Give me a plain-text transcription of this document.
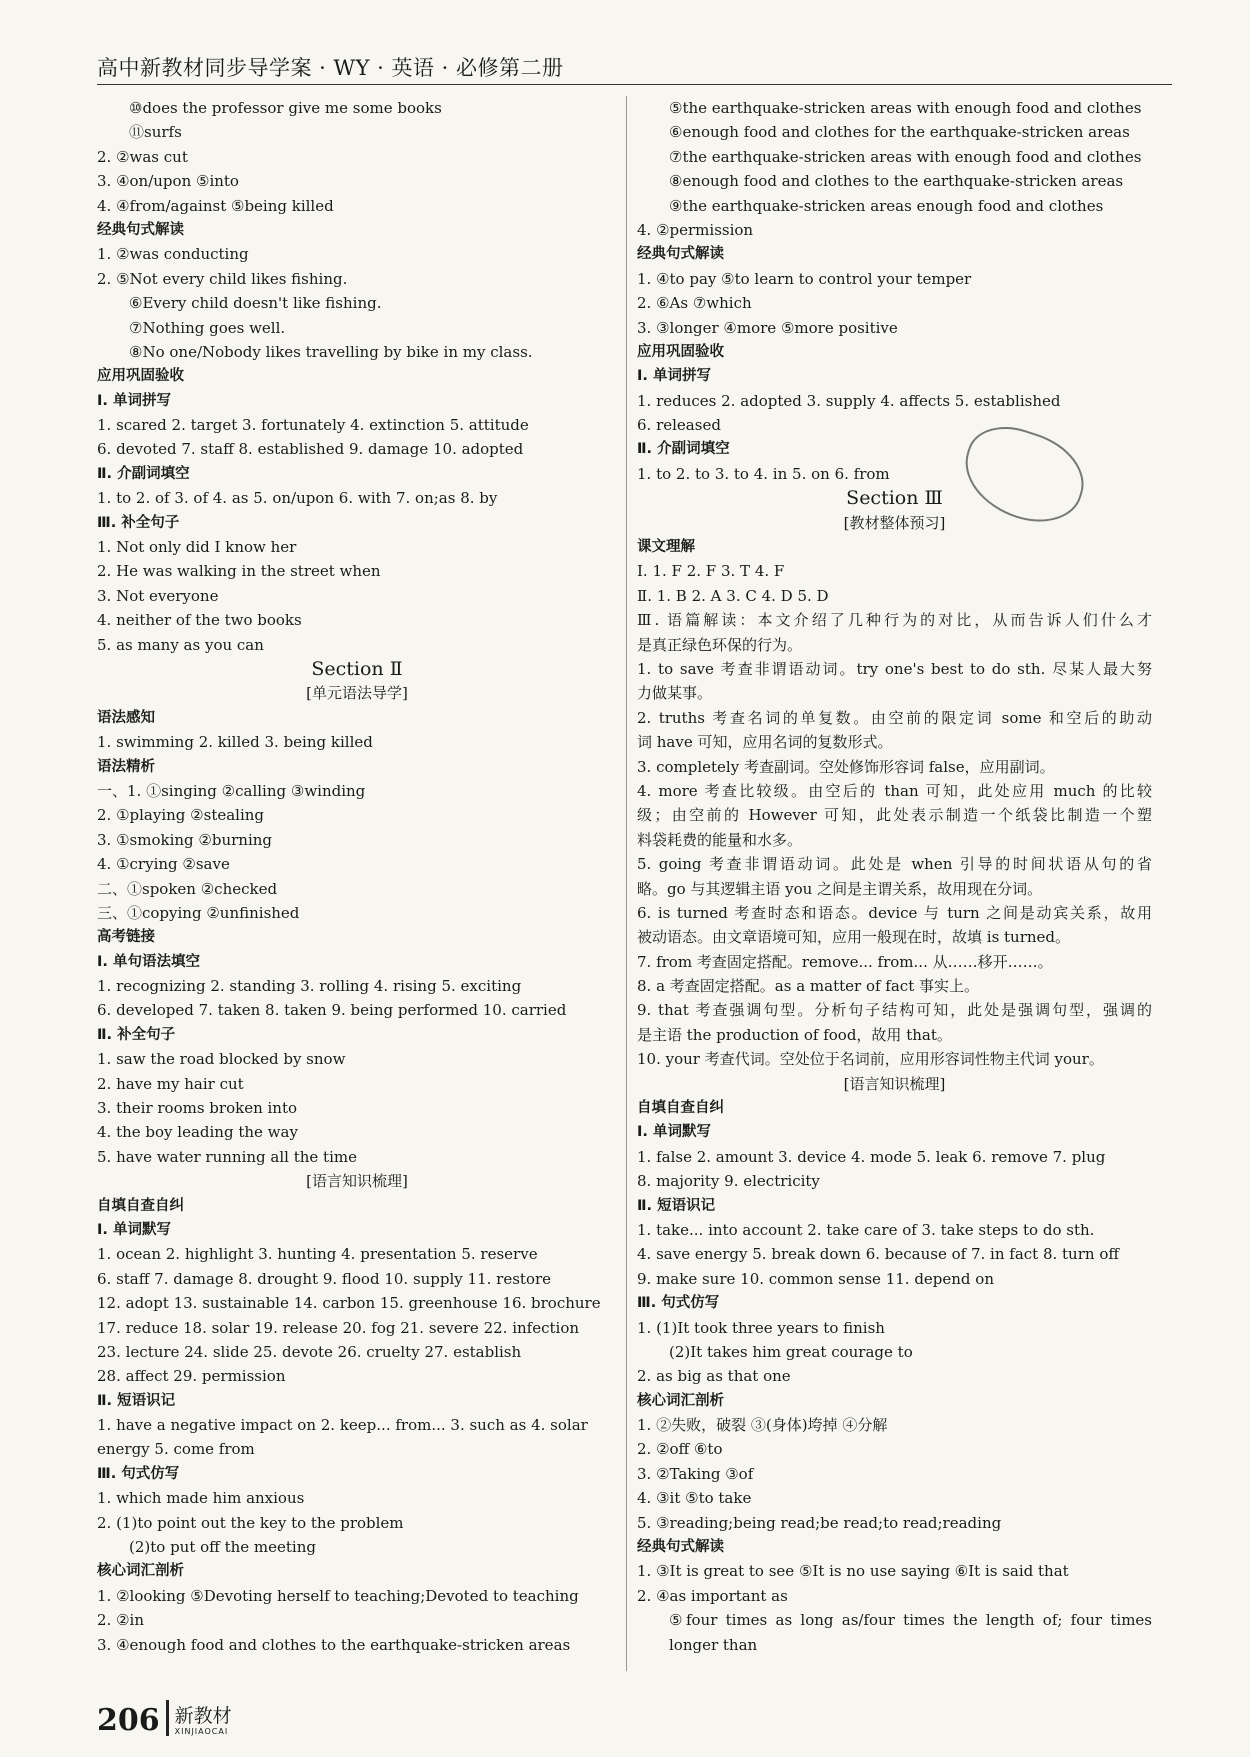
高中新教材同步导学案 · WY · 英语 · 必修第二册

⑩does the professor give me some books
⑪surfs
2. ②was cut
3. ④on/upon ⑤into
4. ④from/against ⑤being killed
经典句式解读
1. ②was conducting
2. ⑤Not every child likes fishing.
⑥Every child doesn't like fishing.
⑦Nothing goes well.
⑧No one/Nobody likes travelling by bike in my class.
应用巩固验收
Ⅰ. 单词拼写
1. scared 2. target 3. fortunately 4. extinction 5. attitude
6. devoted 7. staff 8. established 9. damage 10. adopted
Ⅱ. 介副词填空
1. to 2. of 3. of 4. as 5. on/upon 6. with 7. on;as 8. by
Ⅲ. 补全句子
1. Not only did I know her
2. He was walking in the street when
3. Not everyone
4. neither of the two books
5. as many as you can
Section Ⅱ
[单元语法导学]
语法感知
1. swimming 2. killed 3. being killed
语法精析
一、1. ①singing ②calling ③winding
2. ①playing ②stealing
3. ①smoking ②burning
4. ①crying ②save
二、①spoken ②checked
三、①copying ②unfinished
高考链接
Ⅰ. 单句语法填空
1. recognizing 2. standing 3. rolling 4. rising 5. exciting
6. developed 7. taken 8. taken 9. being performed 10. carried
Ⅱ. 补全句子
1. saw the road blocked by snow
2. have my hair cut
3. their rooms broken into
4. the boy leading the way
5. have water running all the time
[语言知识梳理]
自填自查自纠
Ⅰ. 单词默写
1. ocean 2. highlight 3. hunting 4. presentation 5. reserve
6. staff 7. damage 8. drought 9. flood 10. supply 11. restore
12. adopt 13. sustainable 14. carbon 15. greenhouse 16. brochure
17. reduce 18. solar 19. release 20. fog 21. severe 22. infection
23. lecture 24. slide 25. devote 26. cruelty 27. establish
28. affect 29. permission
Ⅱ. 短语识记
1. have a negative impact on 2. keep... from... 3. such as 4. solar
energy 5. come from
Ⅲ. 句式仿写
1. which made him anxious
2. (1)to point out the key to the problem
(2)to put off the meeting
核心词汇剖析
1. ②looking ⑤Devoting herself to teaching;Devoted to teaching
2. ②in
3. ④enough food and clothes to the earthquake-stricken areas
⑤the earthquake-stricken areas with enough food and clothes
⑥enough food and clothes for the earthquake-stricken areas
⑦the earthquake-stricken areas with enough food and clothes
⑧enough food and clothes to the earthquake-stricken areas
⑨the earthquake-stricken areas enough food and clothes
4. ②permission
经典句式解读
1. ④to pay ⑤to learn to control your temper
2. ⑥As ⑦which
3. ③longer ④more ⑤more positive
应用巩固验收
Ⅰ. 单词拼写
1. reduces 2. adopted 3. supply 4. affects 5. established
6. released
Ⅱ. 介副词填空
1. to 2. to 3. to 4. in 5. on 6. from
Section Ⅲ
[教材整体预习]
课文理解
Ⅰ. 1. F 2. F 3. T 4. F
Ⅱ. 1. B 2. A 3. C 4. D 5. D
Ⅲ. 语篇解读：本文介绍了几种行为的对比，从而告诉人们什么才
是真正绿色环保的行为。
1. to save 考查非谓语动词。try one's best to do sth. 尽某人最大努
力做某事。
2. truths 考查名词的单复数。由空前的限定词 some 和空后的助动
词 have 可知，应用名词的复数形式。
3. completely 考查副词。空处修饰形容词 false，应用副词。
4. more 考查比较级。由空后的 than 可知，此处应用 much 的比较
级；由空前的 However 可知，此处表示制造一个纸袋比制造一个塑
料袋耗费的能量和水多。
5. going 考查非谓语动词。此处是 when 引导的时间状语从句的省
略。go 与其逻辑主语 you 之间是主谓关系，故用现在分词。
6. is turned 考查时态和语态。device 与 turn 之间是动宾关系，故用
被动语态。由文章语境可知，应用一般现在时，故填 is turned。
7. from 考查固定搭配。remove... from... 从……移开……。
8. a 考查固定搭配。as a matter of fact 事实上。
9. that 考查强调句型。分析句子结构可知，此处是强调句型，强调的
是主语 the production of food，故用 that。
10. your 考查代词。空处位于名词前，应用形容词性物主代词 your。
[语言知识梳理]
自填自查自纠
Ⅰ. 单词默写
1. false 2. amount 3. device 4. mode 5. leak 6. remove 7. plug
8. majority 9. electricity
Ⅱ. 短语识记
1. take... into account 2. take care of 3. take steps to do sth.
4. save energy 5. break down 6. because of 7. in fact 8. turn off
9. make sure 10. common sense 11. depend on
Ⅲ. 句式仿写
1. (1)It took three years to finish
(2)It takes him great courage to
2. as big as that one
核心词汇剖析
1. ②失败，破裂 ③(身体)垮掉 ④分解
2. ②off ⑥to
3. ②Taking ③of
4. ③it ⑤to take
5. ③reading;being read;be read;to read;reading
经典句式解读
1. ③It is great to see ⑤It is no use saying ⑥It is said that
2. ④as important as
⑤four times as long as/four times the length of; four times
longer than
206 新教材
XINJIAOCAI
